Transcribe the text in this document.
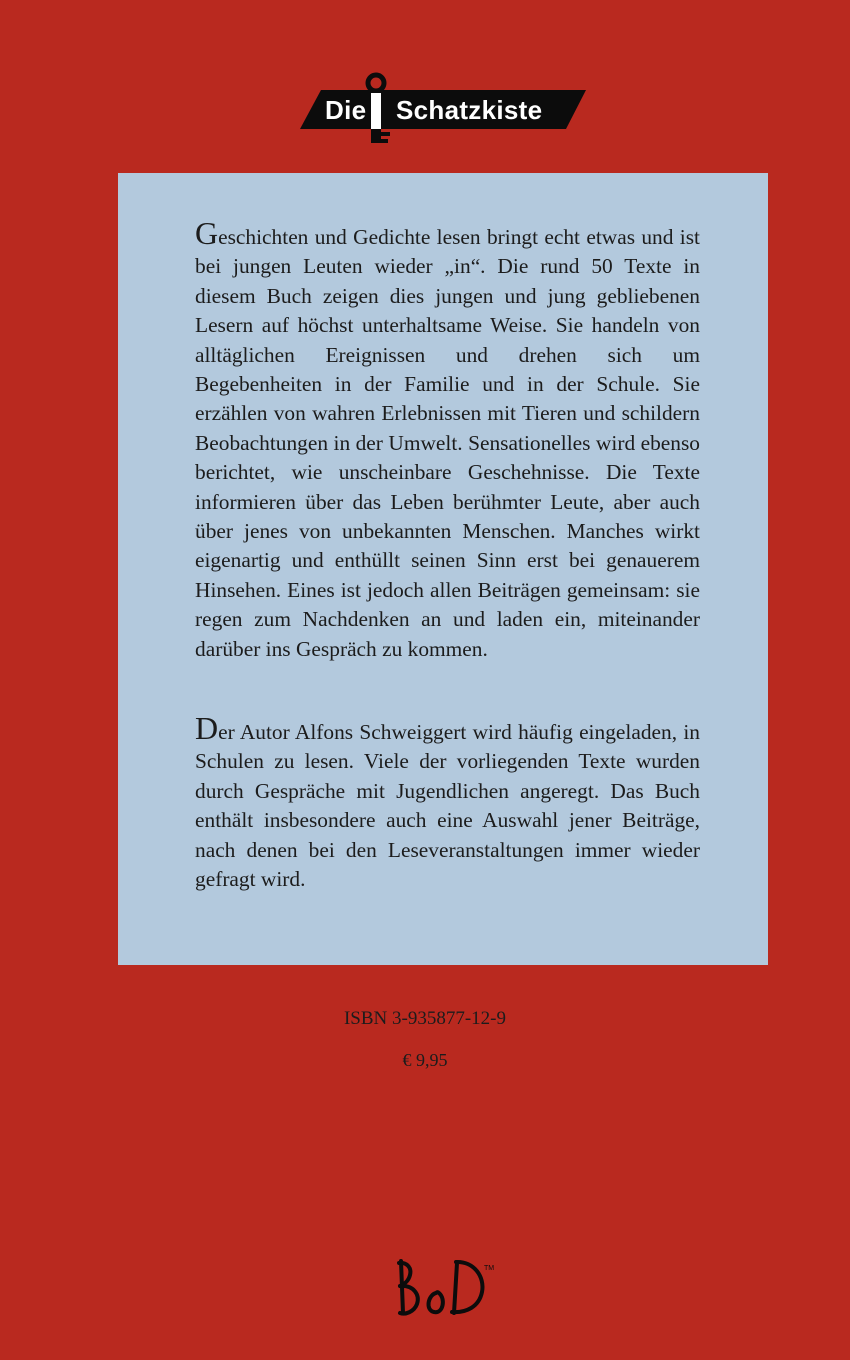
Die Schatzkiste

Geschichten und Gedichte lesen bringt echt etwas und ist bei jungen Leuten wieder „in“. Die rund 50 Texte in diesem Buch zeigen dies jungen und jung gebliebenen Lesern auf höchst unterhaltsame Weise. Sie handeln von alltäglichen Ereignissen und drehen sich um Begebenheiten in der Familie und in der Schule. Sie erzählen von wahren Erlebnissen mit Tieren und schildern Beobachtungen in der Umwelt. Sensationelles wird ebenso berichtet, wie unscheinbare Geschehnisse. Die Texte informieren über das Leben berühmter Leute, aber auch über jenes von unbekannten Menschen. Manches wirkt eigenartig und enthüllt seinen Sinn erst bei genauerem Hinsehen. Eines ist jedoch allen Beiträgen gemeinsam: sie regen zum Nachdenken an und laden ein, miteinander darüber ins Gespräch zu kommen.

Der Autor Alfons Schweiggert wird häufig eingeladen, in Schulen zu lesen. Viele der vorliegenden Texte wurden durch Gespräche mit Jugendlichen angeregt. Das Buch enthält insbesondere auch eine Auswahl jener Beiträge, nach denen bei den Leseveranstaltungen immer wieder gefragt wird.

ISBN 3-935877-12-9
€ 9,95
TM
